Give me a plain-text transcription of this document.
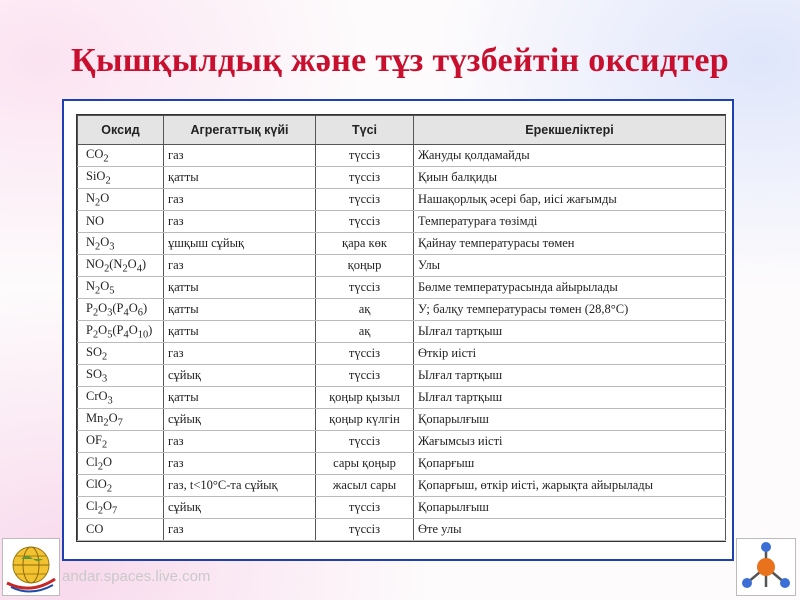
Қышқылдық және тұз түзбейтін оксидтер
Оксид	Агрегаттық күйі	Түсі	Ерекшеліктері
$CO_2$	газ	түссіз	Жануды қолдамайды
SiO$_2$	қатты	түссіз	Қиын балқиды
$N_2O$	газ	түссіз	Нашақорлық әсері бар, иісі жағымды
NO	газ	түссіз	Температураға төзімді
$N_2O_3$	ұшқыш сұйық	қара көк	Қайнау температурасы төмен
$NO_2(N_2O_4)$	газ	қоңыр	Улы
$N_2O_5$	қатты	түссіз	Бөлме температурасында айырылады
$P_2O_3(P_4O_6)$	қатты	ақ	У; балқу температурасы төмен (28,8°С)
$P_2O_5(P_4O_{10})$	қатты	ақ	Ылғал тартқыш
$SO_2$	газ	түссіз	Өткір иісті
$SO_3$	сұйық	түссіз	Ылғал тартқыш
CrO$_3$	қатты	қоңыр қызыл	Ылғал тартқыш
$Mn_2O_7$	сұйық	қоңыр күлгін	Қопарылғыш
$OF_2$	газ	түссіз	Жағымсыз иісті
$Cl_2O$	газ	сары қоңыр	Қопарғыш
ClO$_2$	газ, t<10°С-та сұйық	жасыл сары	Қопарғыш, өткір иісті, жарықта айырылады
$Cl_2O_7$	сұйық	түссіз	Қопарылғыш
CO	газ	түссіз	Өте улы
andar.spaces.live.com
